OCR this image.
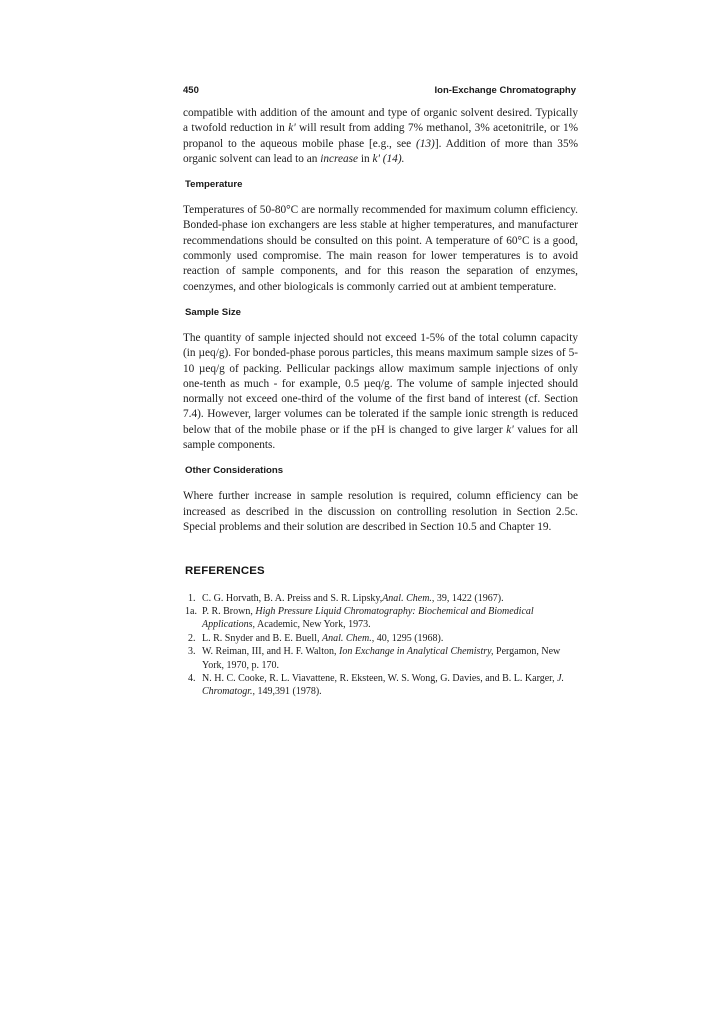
450	Ion-Exchange Chromatography

compatible with addition of the amount and type of organic solvent desired. Typically a twofold reduction in k' will result from adding 7% methanol, 3% acetonitrile, or 1% propanol to the aqueous mobile phase [e.g., see (13)]. Addition of more than 35% organic solvent can lead to an increase in k' (14).

Temperature

Temperatures of 50-80°C are normally recommended for maximum column efficiency. Bonded-phase ion exchangers are less stable at higher temperatures, and manufacturer recommendations should be consulted on this point. A temperature of 60°C is a good, commonly used compromise. The main reason for lower temperatures is to avoid reaction of sample components, and for this reason the separation of enzymes, coenzymes, and other biologicals is commonly carried out at ambient temperature.

Sample Size

The quantity of sample injected should not exceed 1-5% of the total column capacity (in µeq/g). For bonded-phase porous particles, this means maximum sample sizes of 5-10 µeq/g of packing. Pellicular packings allow maximum sample injections of only one-tenth as much - for example, 0.5 µeq/g. The volume of sample injected should normally not exceed one-third of the volume of the first band of interest (cf. Section 7.4). However, larger volumes can be tolerated if the sample ionic strength is reduced below that of the mobile phase or if the pH is changed to give larger k' values for all sample components.

Other Considerations

Where further increase in sample resolution is required, column efficiency can be increased as described in the discussion on controlling resolution in Section 2.5c. Special problems and their solution are described in Section 10.5 and Chapter 19.

REFERENCES
1. C. G. Horvath, B. A. Preiss and S. R. Lipsky,Anal. Chem., 39, 1422 (1967).
1a. P. R. Brown, High Pressure Liquid Chromatography: Biochemical and Biomedical Applications, Academic, New York, 1973.
2. L. R. Snyder and B. E. Buell, Anal. Chem., 40, 1295 (1968).
3. W. Reiman, III, and H. F. Walton, Ion Exchange in Analytical Chemistry, Pergamon, New York, 1970, p. 170.
4. N. H. C. Cooke, R. L. Viavattene, R. Eksteen, W. S. Wong, G. Davies, and B. L. Karger, J. Chromatogr., 149,391 (1978).
